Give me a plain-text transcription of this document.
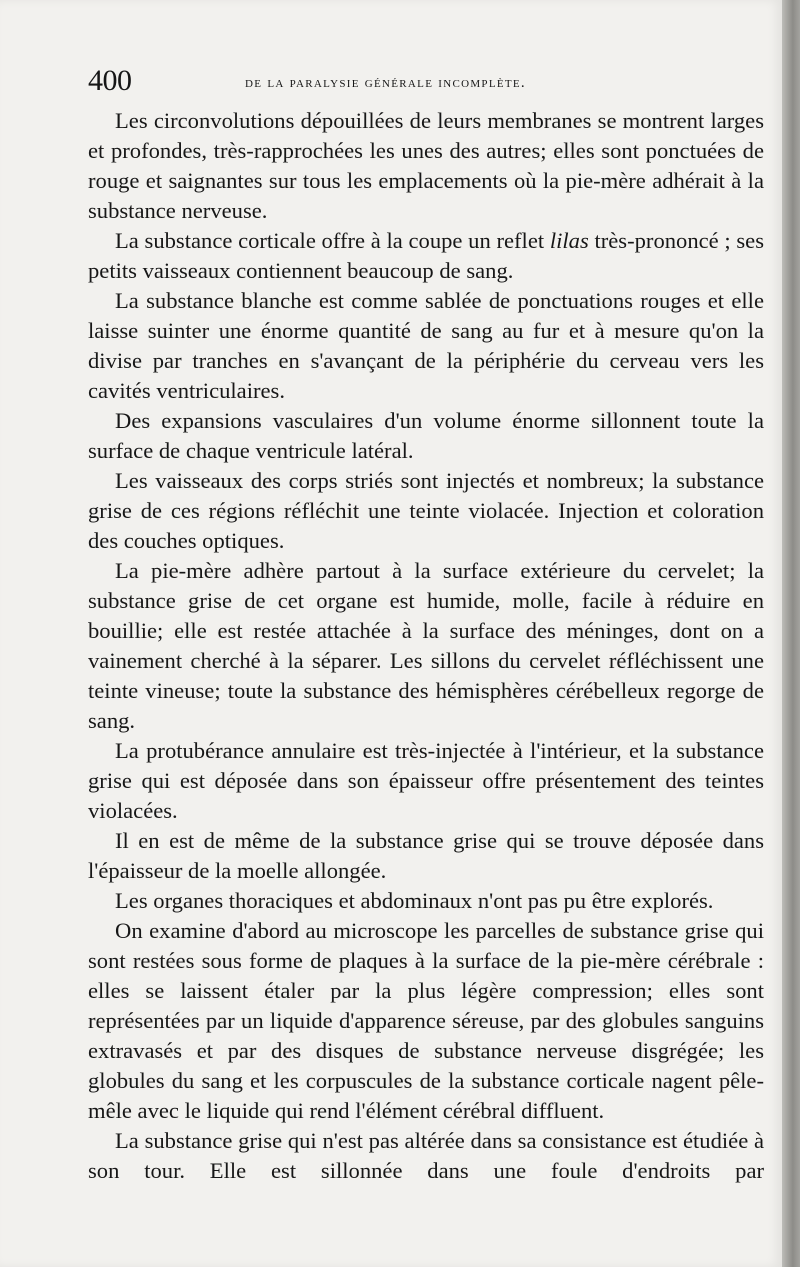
400	de la paralysie générale incomplète.

Les circonvolutions dépouillées de leurs membranes se montrent larges et profondes, très-rapprochées les unes des autres; elles sont ponctuées de rouge et saignantes sur tous les emplacements où la pie-mère adhérait à la substance nerveuse.

La substance corticale offre à la coupe un reflet lilas très-prononcé ; ses petits vaisseaux contiennent beaucoup de sang.

La substance blanche est comme sablée de ponctuations rouges et elle laisse suinter une énorme quantité de sang au fur et à mesure qu'on la divise par tranches en s'avançant de la périphérie du cerveau vers les cavités ventriculaires.

Des expansions vasculaires d'un volume énorme sillonnent toute la surface de chaque ventricule latéral.

Les vaisseaux des corps striés sont injectés et nombreux; la substance grise de ces régions réfléchit une teinte violacée. Injection et coloration des couches optiques.

La pie-mère adhère partout à la surface extérieure du cervelet; la substance grise de cet organe est humide, molle, facile à réduire en bouillie; elle est restée attachée à la surface des méninges, dont on a vainement cherché à la séparer. Les sillons du cervelet réfléchissent une teinte vineuse; toute la substance des hémisphères cérébelleux regorge de sang.

La protubérance annulaire est très-injectée à l'intérieur, et la substance grise qui est déposée dans son épaisseur offre présentement des teintes violacées.

Il en est de même de la substance grise qui se trouve déposée dans l'épaisseur de la moelle allongée.

Les organes thoraciques et abdominaux n'ont pas pu être explorés.

On examine d'abord au microscope les parcelles de substance grise qui sont restées sous forme de plaques à la surface de la pie-mère cérébrale : elles se laissent étaler par la plus légère compression; elles sont représentées par un liquide d'apparence séreuse, par des globules sanguins extravasés et par des disques de substance nerveuse disgrégée; les globules du sang et les corpuscules de la substance corticale nagent pêle-mêle avec le liquide qui rend l'élément cérébral diffluent.

La substance grise qui n'est pas altérée dans sa consistance est étudiée à son tour. Elle est sillonnée dans une foule d'endroits par
